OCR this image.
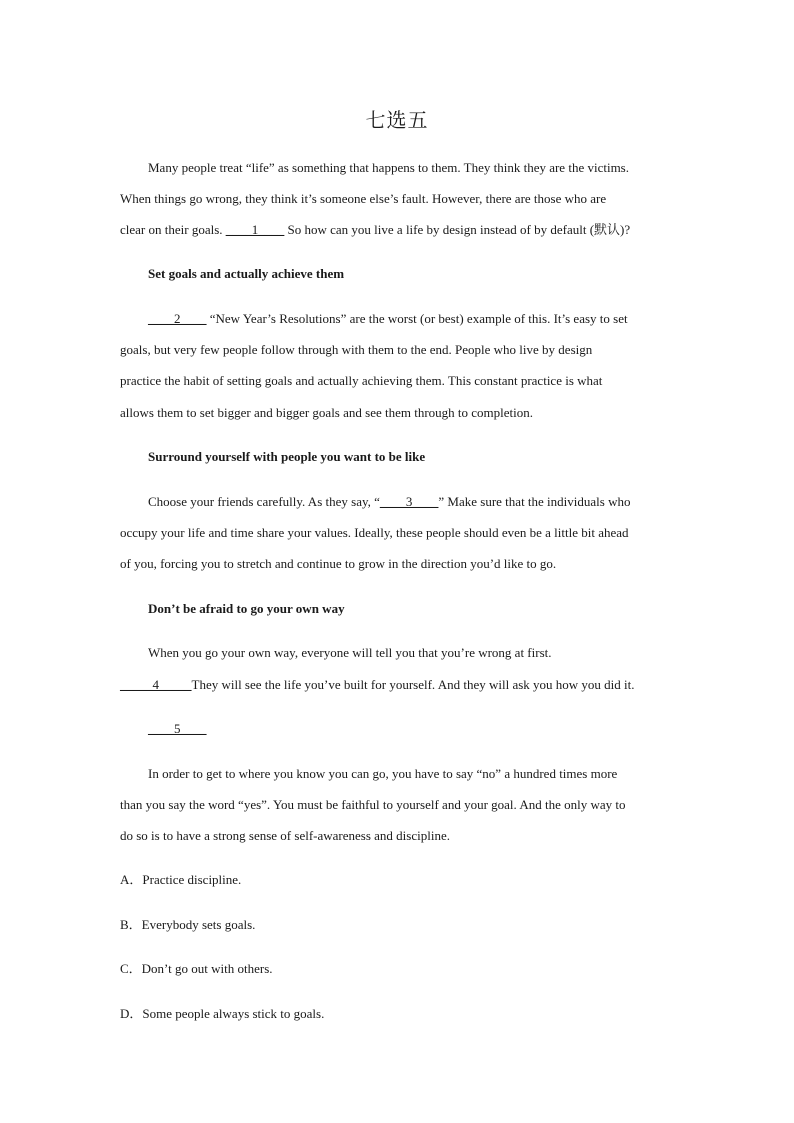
七选五
Many people treat “life” as something that happens to them. They think they are the victims.
When things go wrong, they think it’s someone else’s fault. However, there are those who are
clear on their goals. ____1____ So how can you live a life by design instead of by default (默认)?
Set goals and actually achieve them
____2____ “New Year’s Resolutions” are the worst (or best) example of this. It’s easy to set
goals, but very few people follow through with them to the end. People who live by design
practice the habit of setting goals and actually achieving them. This constant practice is what
allows them to set bigger and bigger goals and see them through to completion.
Surround yourself with people you want to be like
Choose your friends carefully. As they say, “____3____” Make sure that the individuals who
occupy your life and time share your values. Ideally, these people should even be a little bit ahead
of you, forcing you to stretch and continue to grow in the direction you’d like to go.
Don’t be afraid to go your own way
When you go your own way, everyone will tell you that you’re wrong at first.
_____4_____They will see the life you’ve built for yourself. And they will ask you how you did it.
____5____
In order to get to where you know you can go, you have to say “no” a hundred times more
than you say the word “yes”. You must be faithful to yourself and your goal. And the only way to
do so is to have a strong sense of self-awareness and discipline.
A．Practice discipline.
B．Everybody sets goals.
C．Don’t go out with others.
D．Some people always stick to goals.
